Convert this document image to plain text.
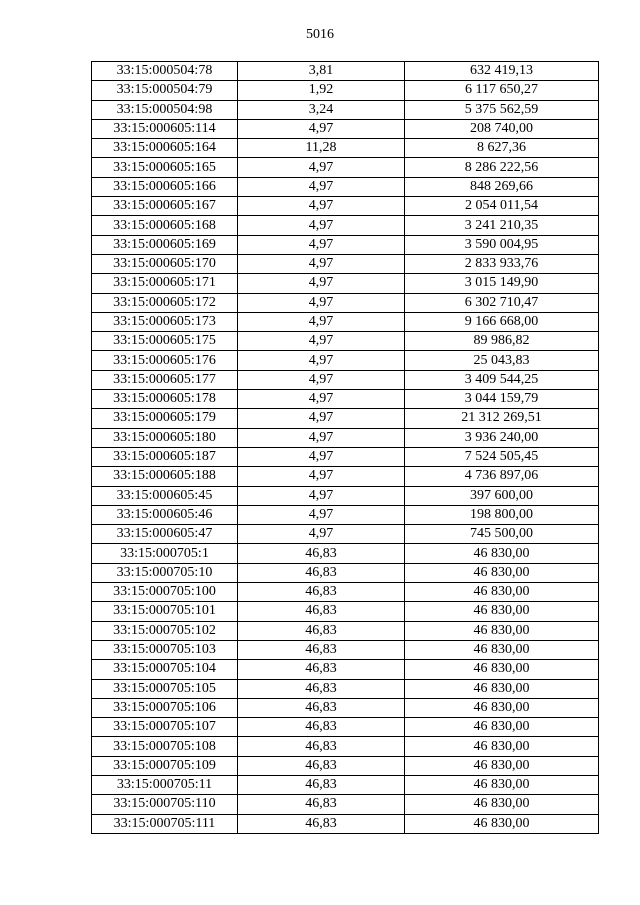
5016
33:15:000504:78	3,81	632 419,13
33:15:000504:79	1,92	6 117 650,27
33:15:000504:98	3,24	5 375 562,59
33:15:000605:114	4,97	208 740,00
33:15:000605:164	11,28	8 627,36
33:15:000605:165	4,97	8 286 222,56
33:15:000605:166	4,97	848 269,66
33:15:000605:167	4,97	2 054 011,54
33:15:000605:168	4,97	3 241 210,35
33:15:000605:169	4,97	3 590 004,95
33:15:000605:170	4,97	2 833 933,76
33:15:000605:171	4,97	3 015 149,90
33:15:000605:172	4,97	6 302 710,47
33:15:000605:173	4,97	9 166 668,00
33:15:000605:175	4,97	89 986,82
33:15:000605:176	4,97	25 043,83
33:15:000605:177	4,97	3 409 544,25
33:15:000605:178	4,97	3 044 159,79
33:15:000605:179	4,97	21 312 269,51
33:15:000605:180	4,97	3 936 240,00
33:15:000605:187	4,97	7 524 505,45
33:15:000605:188	4,97	4 736 897,06
33:15:000605:45	4,97	397 600,00
33:15:000605:46	4,97	198 800,00
33:15:000605:47	4,97	745 500,00
33:15:000705:1	46,83	46 830,00
33:15:000705:10	46,83	46 830,00
33:15:000705:100	46,83	46 830,00
33:15:000705:101	46,83	46 830,00
33:15:000705:102	46,83	46 830,00
33:15:000705:103	46,83	46 830,00
33:15:000705:104	46,83	46 830,00
33:15:000705:105	46,83	46 830,00
33:15:000705:106	46,83	46 830,00
33:15:000705:107	46,83	46 830,00
33:15:000705:108	46,83	46 830,00
33:15:000705:109	46,83	46 830,00
33:15:000705:11	46,83	46 830,00
33:15:000705:110	46,83	46 830,00
33:15:000705:111	46,83	46 830,00
